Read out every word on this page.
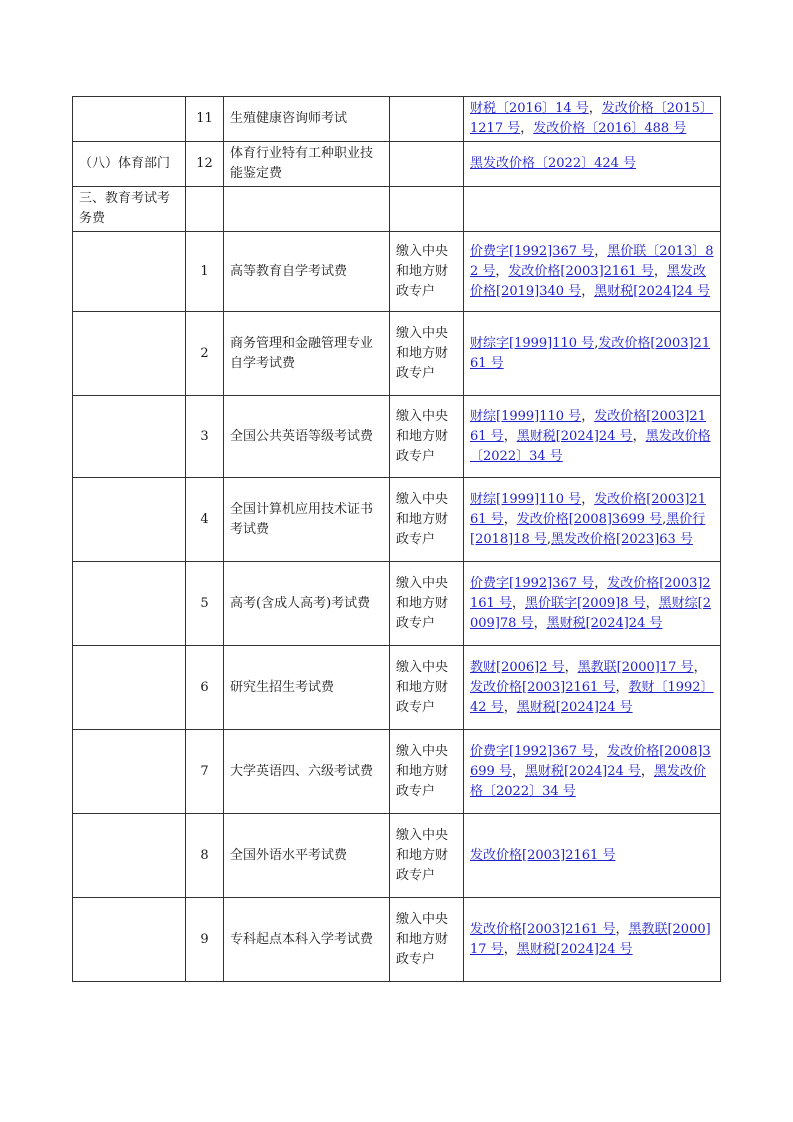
	11	生殖健康咨询师考试		财税〔2016〕14 号，发改价格〔2015〕1217 号，发改价格〔2016〕488 号
（八）体育部门	12	体育行业特有工种职业技能鉴定费		黑发改价格〔2022〕424 号
三、教育考试考务费				
	1	高等教育自学考试费	缴入中央和地方财政专户	价费字[1992]367 号，黑价联〔2013〕82 号，发改价格[2003]2161 号，黑发改价格[2019]340 号，黑财税[2024]24 号
	2	商务管理和金融管理专业自学考试费	缴入中央和地方财政专户	财综字[1999]110 号,发改价格[2003]2161 号
	3	全国公共英语等级考试费	缴入中央和地方财政专户	财综[1999]110 号，发改价格[2003]2161 号，黑财税[2024]24 号，黑发改价格〔2022〕34 号
	4	全国计算机应用技术证书考试费	缴入中央和地方财政专户	财综[1999]110 号，发改价格[2003]2161 号，发改价格[2008]3699 号,黑价行[2018]18 号,黑发改价格[2023]63 号
	5	高考(含成人高考)考试费	缴入中央和地方财政专户	价费字[1992]367 号，发改价格[2003]2161 号，黑价联字[2009]8 号，黑财综[2009]78 号，黑财税[2024]24 号
	6	研究生招生考试费	缴入中央和地方财政专户	教财[2006]2 号，黑教联[2000]17 号，发改价格[2003]2161 号，教财〔1992〕42 号，黑财税[2024]24 号
	7	大学英语四、六级考试费	缴入中央和地方财政专户	价费字[1992]367 号，发改价格[2008]3699 号，黑财税[2024]24 号，黑发改价格〔2022〕34 号
	8	全国外语水平考试费	缴入中央和地方财政专户	发改价格[2003]2161 号
	9	专科起点本科入学考试费	缴入中央和地方财政专户	发改价格[2003]2161 号，黑教联[2000]17 号，黑财税[2024]24 号
